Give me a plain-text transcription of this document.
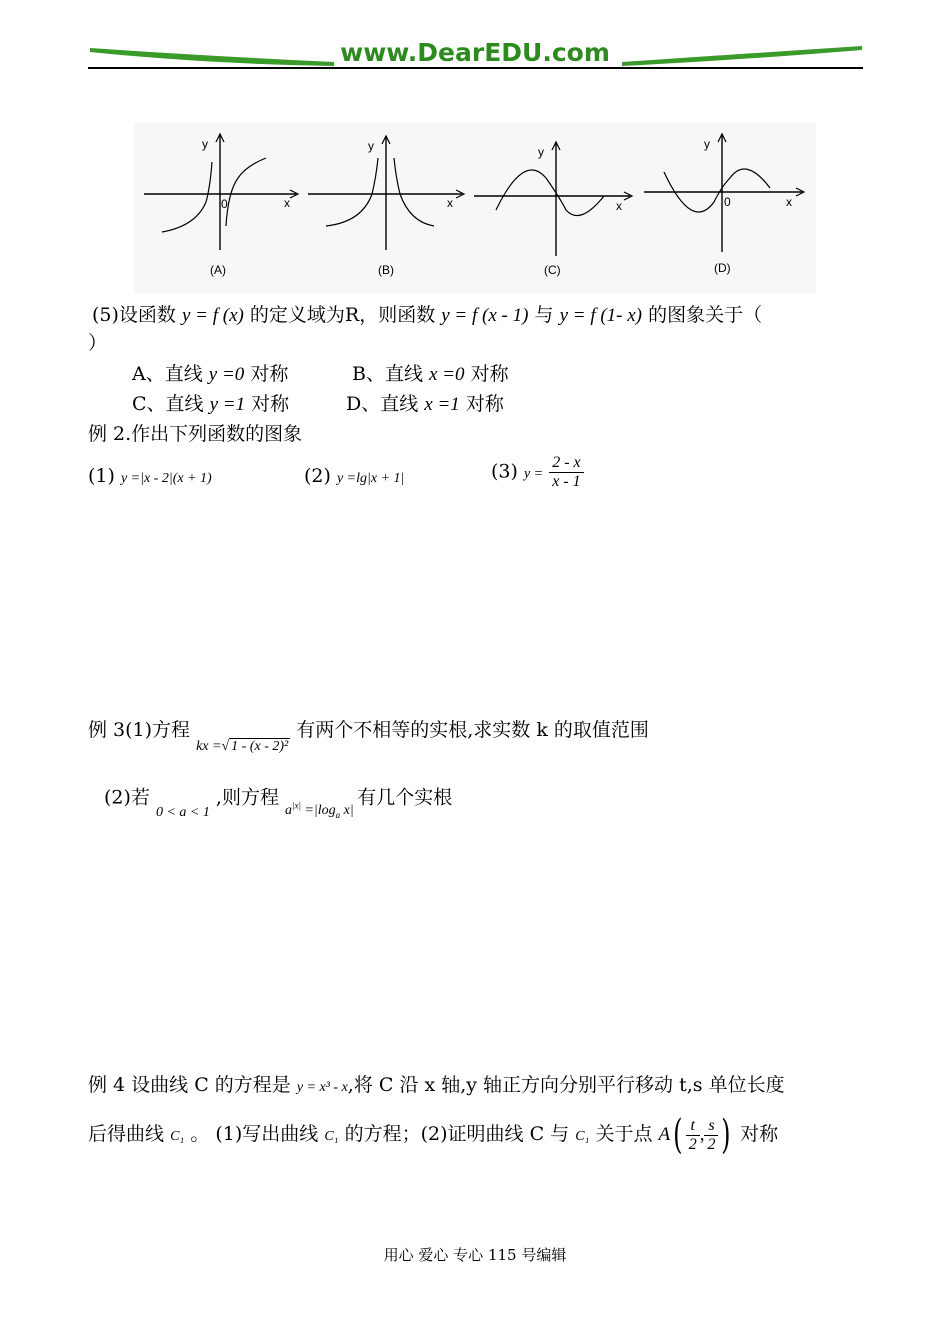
www.DearEDU.com
y
x
0
(A)
y
x
(B)
y
x
(C)
y
x
0
(D)
(5)设函数 y = f (x) 的定义域为R，则函数 y = f (x - 1) 与 y = f (1- x) 的图象关于（
）
A、直线 y =0 对称	B、直线 x =0 对称
C、直线 y =1 对称	D、直线 x =1 对称
例 2.作出下列函数的图象
(1) y =|x - 2|(x + 1)	(2) y =lg|x + 1|	(3) $y = \frac{2 - x}{x - 1}$
例 3(1)方程 $_{kx =√}$ $_{1 - (x - 2)^2}$ 有两个不相等的实根,求实数 k 的取值范围
(2)若 $_{0 < a < 1}$ ,则方程 $_{a^{|x|} =|log_a x|}$ 有几个实根
例 4 设曲线 C 的方程是 y = x³ - x,将 C 沿 x 轴,y 轴正方向分别平行移动 t,s 单位长度
后得曲线 C₁ 。 (1)写出曲线 C₁ 的方程；(2)证明曲线 C 与 C₁ 关于点 $A( \frac{t}{2}$ , $\frac{s}{2}$ ) 对称
用心 爱心 专心 115 号编辑
